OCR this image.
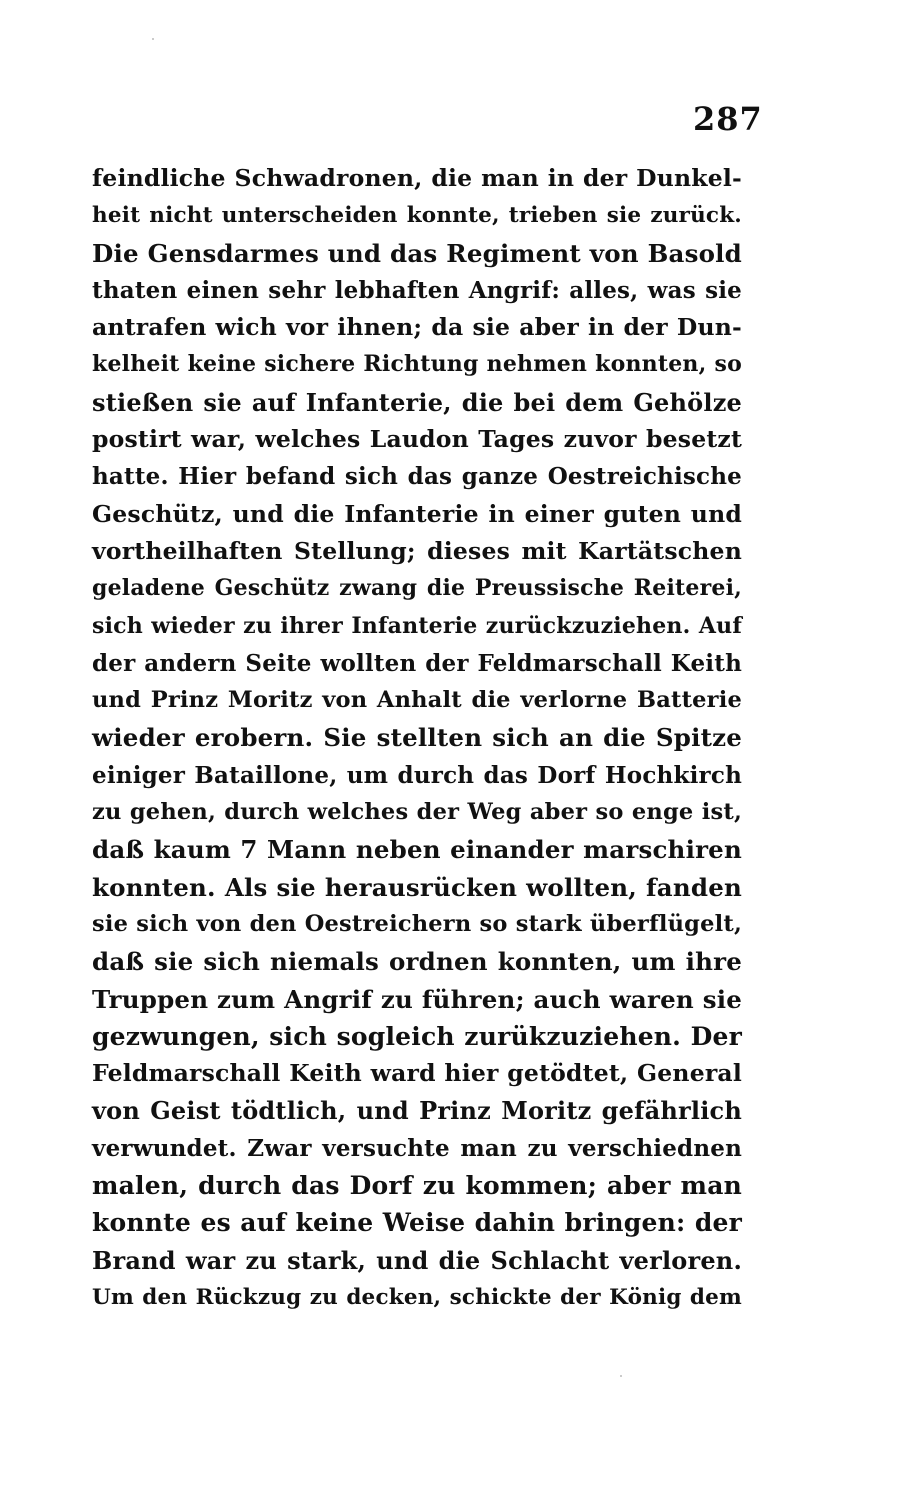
287
feindliche Schwadronen, die man in der Dunkel-
heit nicht unterscheiden konnte, trieben sie zurück.
Die Gensdarmes und das Regiment von Basold
thaten einen sehr lebhaften Angrif: alles, was sie
antrafen wich vor ihnen; da sie aber in der Dun-
kelheit keine sichere Richtung nehmen konnten, so
stießen sie auf Infanterie, die bei dem Gehölze
postirt war, welches Laudon Tages zuvor besetzt
hatte. Hier befand sich das ganze Oestreichische
Geschütz, und die Infanterie in einer guten und
vortheilhaften Stellung; dieses mit Kartätschen
geladene Geschütz zwang die Preussische Reiterei,
sich wieder zu ihrer Infanterie zurückzuziehen. Auf
der andern Seite wollten der Feldmarschall Keith
und Prinz Moritz von Anhalt die verlorne Batterie
wieder erobern. Sie stellten sich an die Spitze
einiger Bataillone, um durch das Dorf Hochkirch
zu gehen, durch welches der Weg aber so enge ist,
daß kaum 7 Mann neben einander marschiren
konnten. Als sie herausrücken wollten, fanden
sie sich von den Oestreichern so stark überflügelt,
daß sie sich niemals ordnen konnten, um ihre
Truppen zum Angrif zu führen; auch waren sie
gezwungen, sich sogleich zurükzuziehen. Der
Feldmarschall Keith ward hier getödtet, General
von Geist tödtlich, und Prinz Moritz gefährlich
verwundet. Zwar versuchte man zu verschiednen
malen, durch das Dorf zu kommen; aber man
konnte es auf keine Weise dahin bringen: der
Brand war zu stark, und die Schlacht verloren.
Um den Rückzug zu decken, schickte der König dem
